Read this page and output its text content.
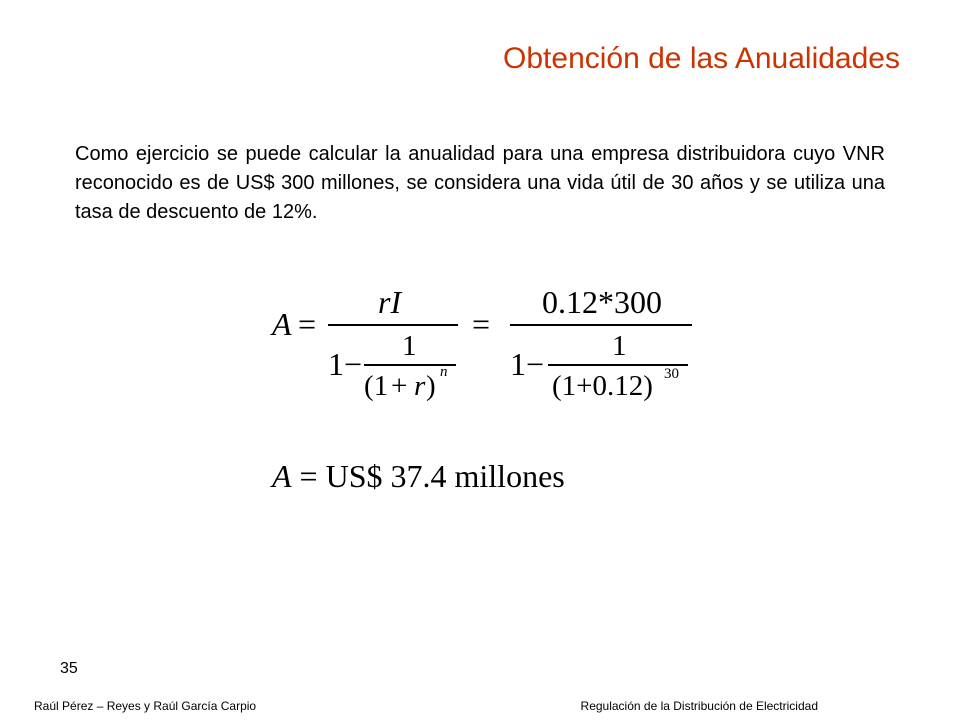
Obtención de las Anualidades
Como ejercicio se puede calcular la anualidad para una empresa distribuidora cuyo VNR reconocido es de US$ 300 millones, se considera una vida útil de 30 años y se utiliza una tasa de descuento de 12%.
A =
rI
1 − 1
(1 + r ) n
=
0.12*300
1 − 1
(1+0.12) 30
A = US$ 37.4 millones
35
Raúl Pérez – Reyes y Raúl García Carpio	Regulación de la Distribución de Electricidad
